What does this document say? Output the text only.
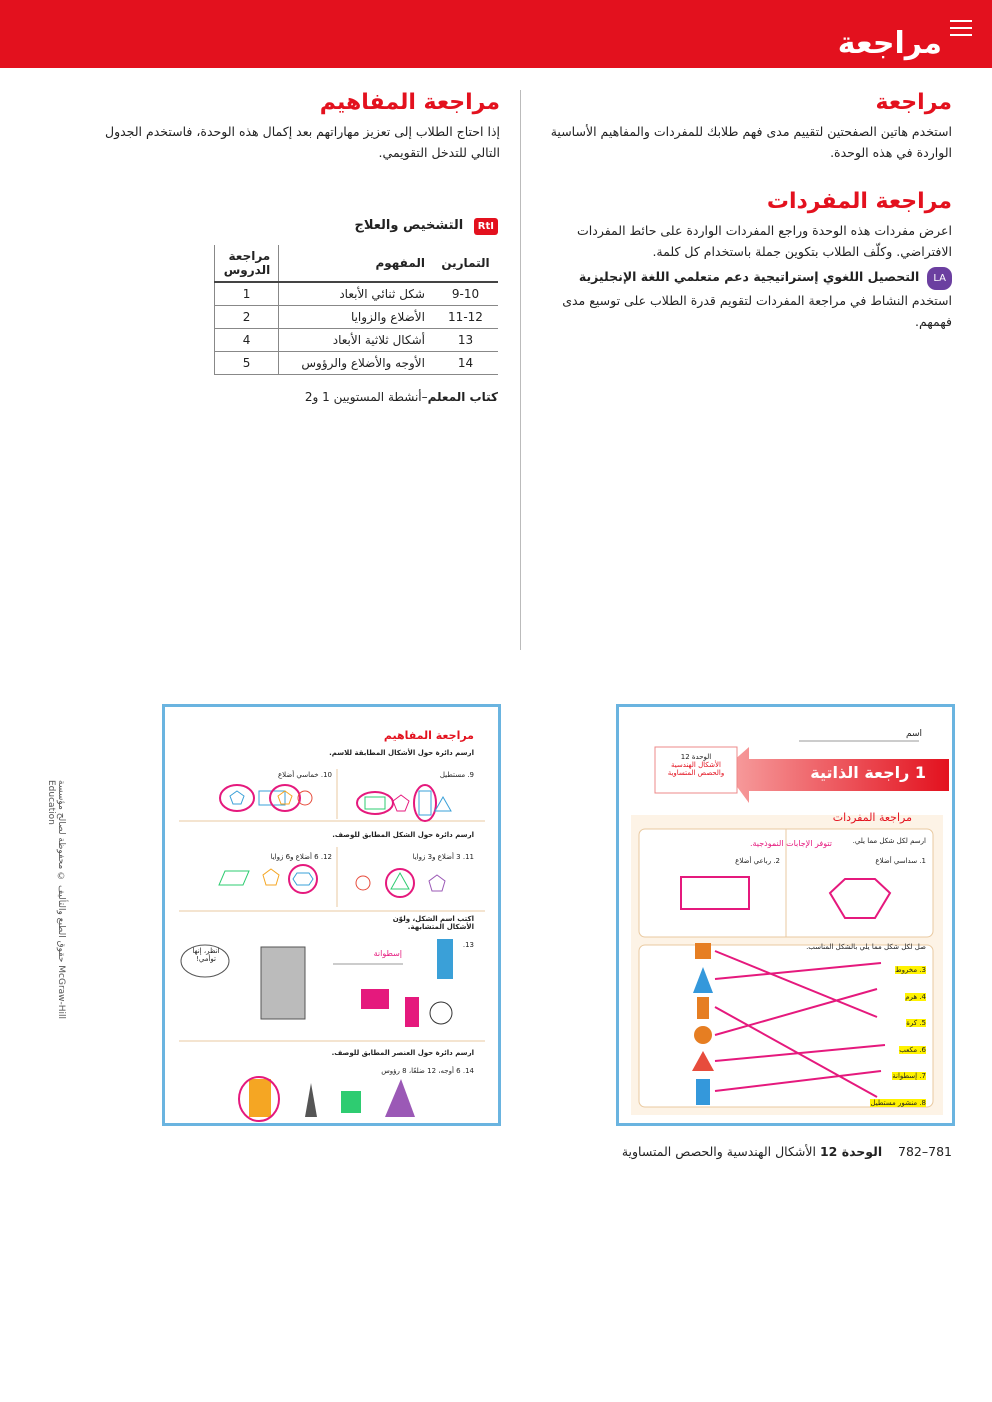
مراجعة
مراجعة

استخدم هاتين الصفحتين لتقييم مدى فهم طلابك للمفردات والمفاهيم الأساسية الواردة في هذه الوحدة.

مراجعة المفردات

اعرض مفردات هذه الوحدة وراجع المفردات الواردة على حائط المفردات الافتراضي. وكلّف الطلاب بتكوين جملة باستخدام كل كلمة.

LA التحصيل اللغوي إستراتيجية دعم متعلمي اللغة الإنجليزية استخدم النشاط في مراجعة المفردات لتقويم قدرة الطلاب على توسيع مدى فهمهم.

مراجعة المفاهيم

إذا احتاج الطلاب إلى تعزيز مهاراتهم بعد إكمال هذه الوحدة، فاستخدم الجدول التالي للتدخل التقويمي.

RtI التشخيص والعلاج
التمارين	المفهوم	مراجعة الدروس
9-10	شكل ثنائي الأبعاد	1
11-12	الأضلاع والزوايا	2
13	أشكال ثلاثية الأبعاد	4
14	الأوجه والأضلاع والرؤوس	5

كتاب المعلم–أنشطة المستويين 1 و2

اسم
1 راجعة الذاتية
الوحدة 12
الأشكال الهندسية والحصص المتساوية
مراجعة المفردات
ارسم لكل شكل مما يلي.
تتوفر الإجابات النموذجية.
1. سداسي أضلاع
2. رباعي أضلاع
صل لكل شكل مما يلي بالشكل المناسب.
3. مخروط
4. هرم
5. كرة
6. مكعب
7. إسطوانة
8. منشور مستطيل
مراجعة المفاهيم
ارسم دائرة حول الأشكال المطابقة للاسم.
9. مستطيل
10. خماسي أضلاع
ارسم دائرة حول الشكل المطابق للوصف.
11. 3 أضلاع و3 زوايا
12. 6 أضلاع و6 زوايا
اكتب اسم الشكل، ولوّن الأشكال المتشابهة.
13.
إسطوانة
انظر، إنها توأمي!
ارسم دائرة حول العنصر المطابق للوصف.
14. 6 أوجه، 12 ضلعًا، 8 رؤوس
حقوق الطبع والتأليف © محفوظة لصالح مؤسسة McGraw-Hill Education
781–782    الوحدة 12 الأشكال الهندسية والحصص المتساوية
